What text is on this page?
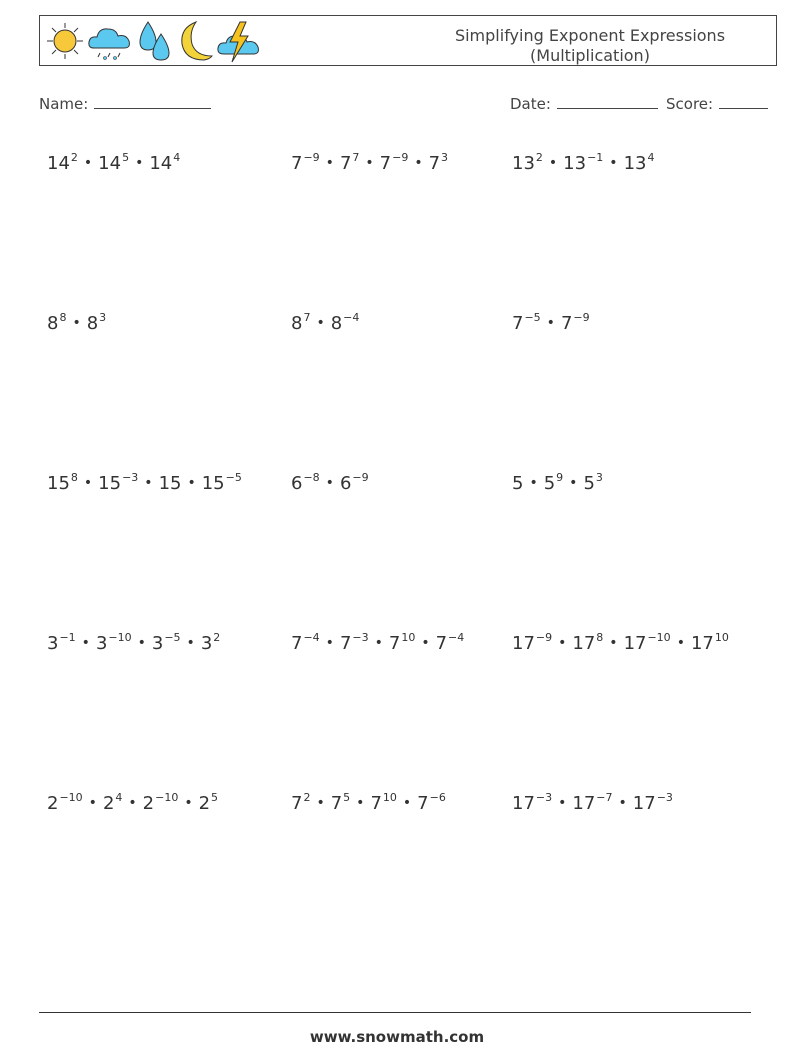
Simplifying Exponent Expressions
(Multiplication)
Name:	Date:	Score:
$14^2$ • $14^5$ • $14^4$	$7^{-9}$ • $7^7$ • $7^{-9}$ • $7^3$	$13^2$ • $13^{-1}$ • $13^4$
$8^8$ • $8^3$	$8^7$ • $8^{-4}$	$7^{-5}$ • $7^{-9}$
$15^8$ • $15^{-3}$ • 15 • $15^{-5}$	$6^{-8}$ • $6^{-9}$	5 • $5^9$ • $5^3$
$3^{-1}$ • $3^{-10}$ • $3^{-5}$ • $3^2$	$7^{-4}$ • $7^{-3}$ • $7^{10}$ • $7^{-4}$	$17^{-9}$ • $17^8$ • $17^{-10}$ • $17^{10}$
$2^{-10}$ • $2^4$ • $2^{-10}$ • $2^5$	$7^2$ • $7^5$ • $7^{10}$ • $7^{-6}$	$17^{-3}$ • $17^{-7}$ • $17^{-3}$
www.snowmath.com
